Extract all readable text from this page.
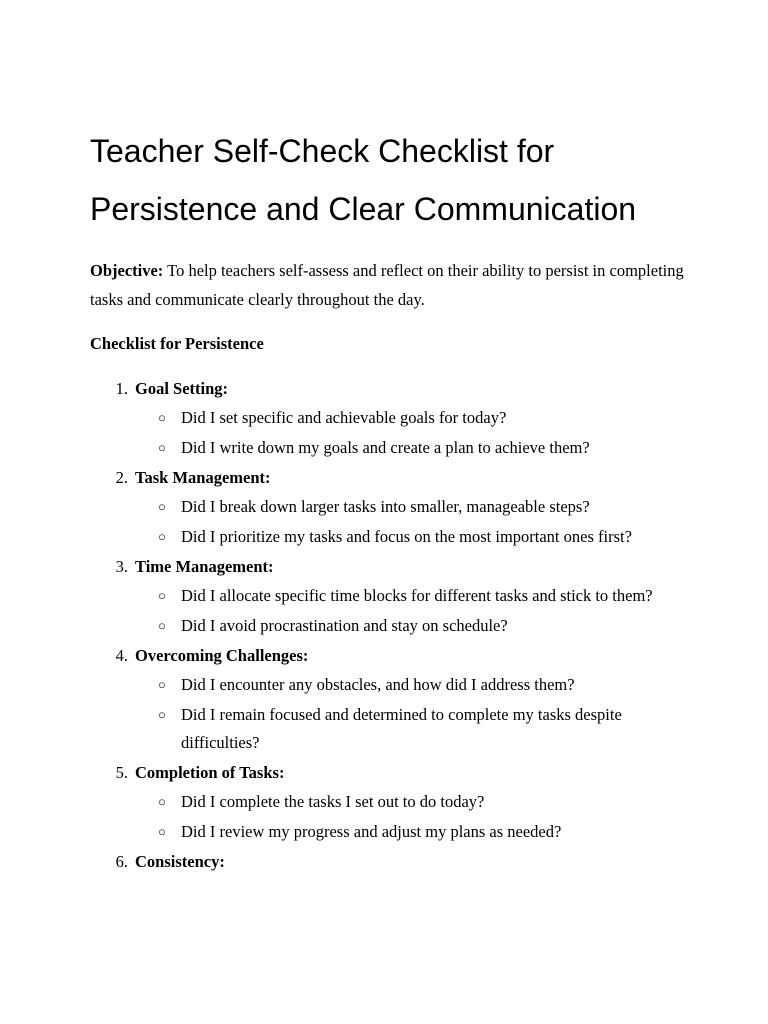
Teacher Self-Check Checklist for
Persistence and Clear Communication

Objective: To help teachers self-assess and reflect on their ability to persist in completing tasks and communicate clearly throughout the day.

Checklist for Persistence

1. Goal Setting:
○ Did I set specific and achievable goals for today?
○ Did I write down my goals and create a plan to achieve them?
2. Task Management:
○ Did I break down larger tasks into smaller, manageable steps?
○ Did I prioritize my tasks and focus on the most important ones first?
3. Time Management:
○ Did I allocate specific time blocks for different tasks and stick to them?
○ Did I avoid procrastination and stay on schedule?
4. Overcoming Challenges:
○ Did I encounter any obstacles, and how did I address them?
○ Did I remain focused and determined to complete my tasks despite difficulties?
5. Completion of Tasks:
○ Did I complete the tasks I set out to do today?
○ Did I review my progress and adjust my plans as needed?
6. Consistency:
